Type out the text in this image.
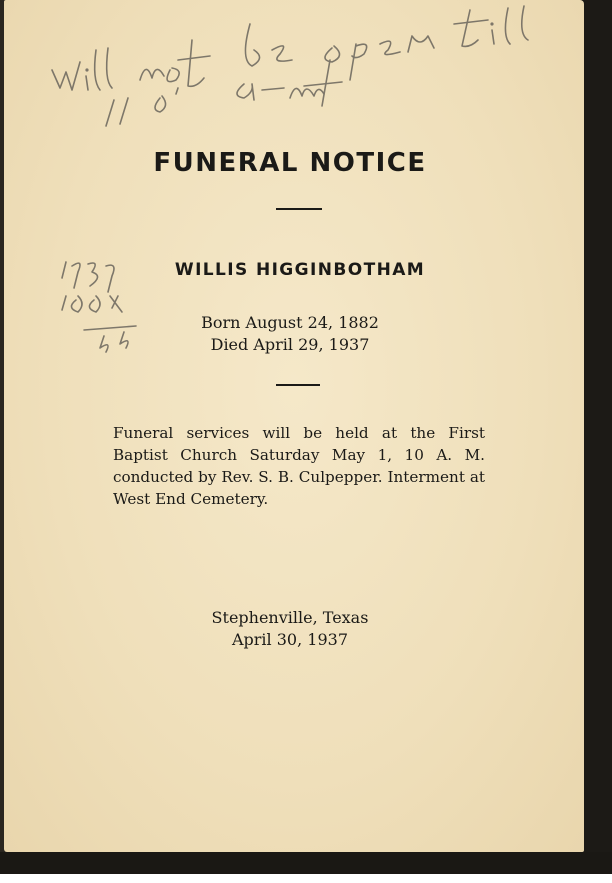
FUNERAL NOTICE
WILLIS HIGGINBOTHAM
Born August 24, 1882
Died April 29, 1937
Funeral services will be held at the First Baptist Church Saturday May 1, 10 A. M. conducted by Rev. S. B. Culpepper. Interment at West End Cemetery.
Stephenville, Texas
April 30, 1937
